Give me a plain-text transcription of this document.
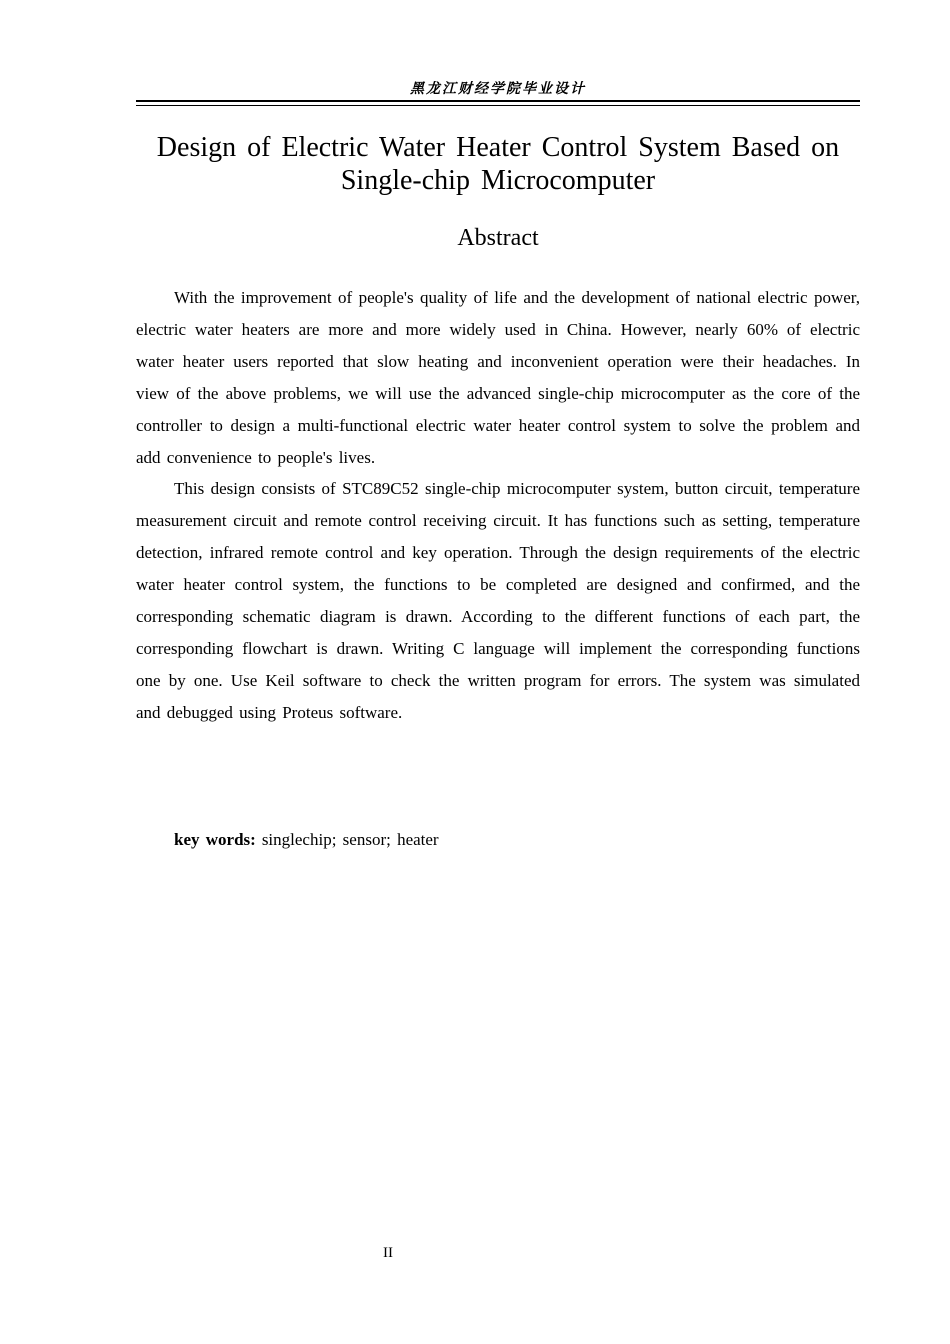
黑龙江财经学院毕业设计
Design of Electric Water Heater Control System Based on Single-chip Microcomputer
Abstract

With the improvement of people's quality of life and the development of national electric power, electric water heaters are more and more widely used in China. However, nearly 60% of electric water heater users reported that slow heating and inconvenient operation were their headaches. In view of the above problems, we will use the advanced single-chip microcomputer as the core of the controller to design a multi-functional electric water heater control system to solve the problem and add convenience to people's lives.

This design consists of STC89C52 single-chip microcomputer system, button circuit, temperature measurement circuit and remote control receiving circuit. It has functions such as setting, temperature detection, infrared remote control and key operation. Through the design requirements of the electric water heater control system, the functions to be completed are designed and confirmed, and the corresponding schematic diagram is drawn. According to the different functions of each part, the corresponding flowchart is drawn. Writing C language will implement the corresponding functions one by one. Use Keil software to check the written program for errors. The system was simulated and debugged using Proteus software.

key words: singlechip; sensor; heater
II
